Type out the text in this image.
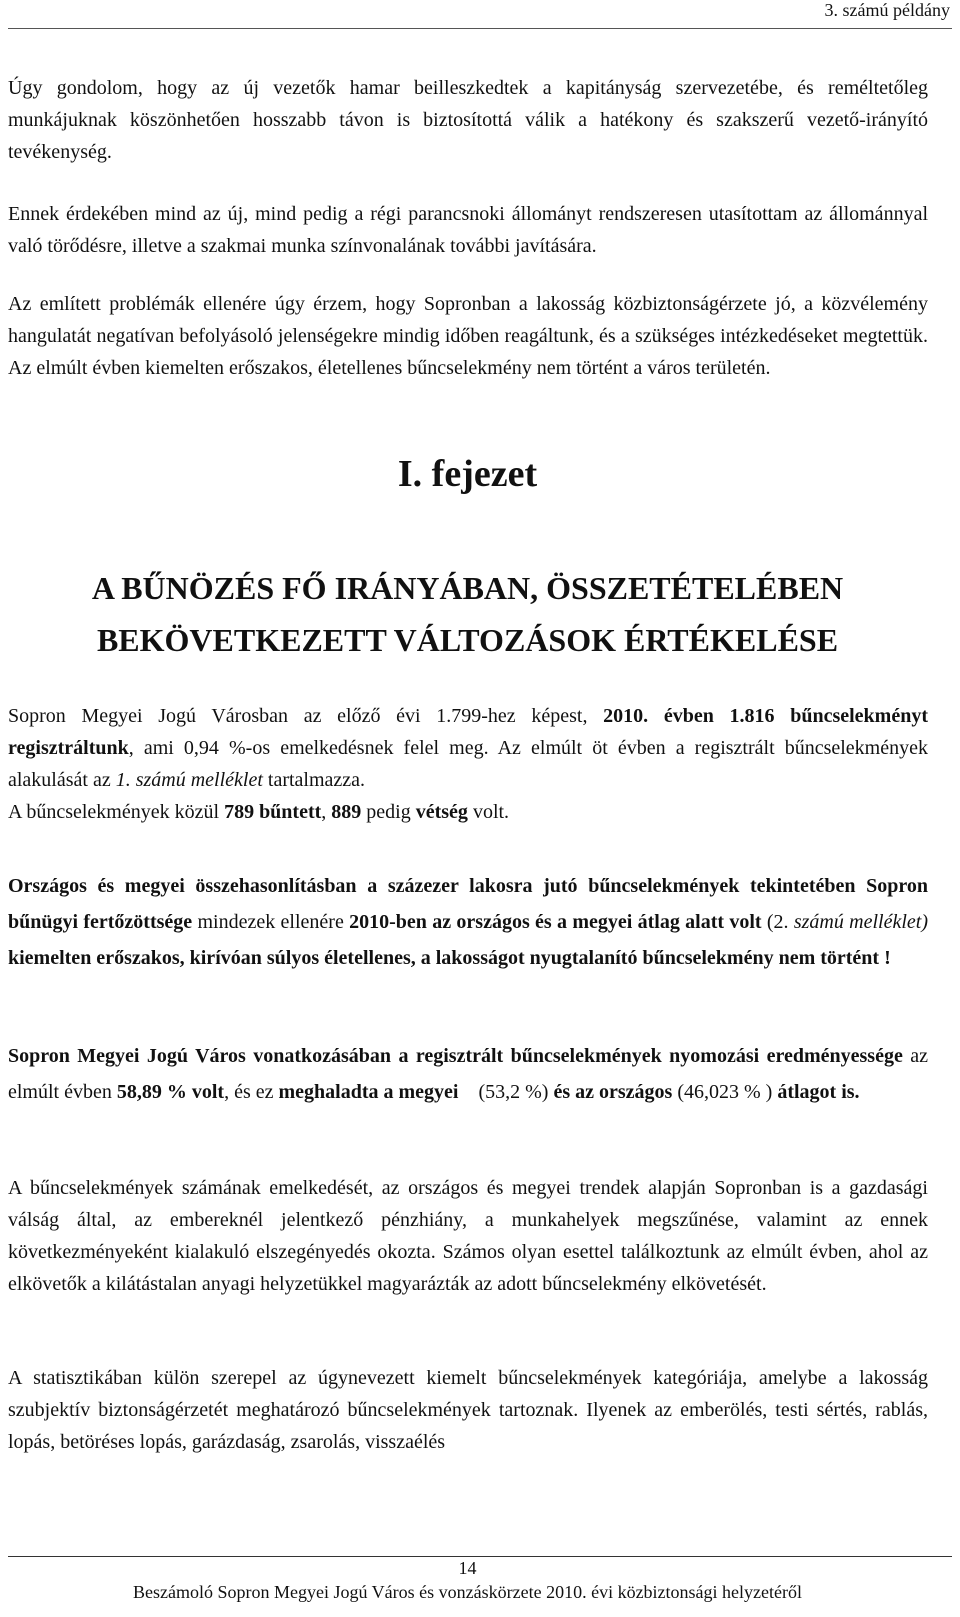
3. számú példány

Úgy gondolom, hogy az új vezetők hamar beilleszkedtek a kapitányság szervezetébe, és reméltetőleg munkájuknak köszönhetően hosszabb távon is biztosítottá válik a hatékony és szakszerű vezető-irányító tevékenység.

Ennek érdekében mind az új, mind pedig a régi parancsnoki állományt rendszeresen utasítottam az állománnyal való törődésre, illetve a szakmai munka színvonalának további javítására.

Az említett problémák ellenére úgy érzem, hogy Sopronban a lakosság közbiztonságérzete jó, a közvélemény hangulatát negatívan befolyásoló jelenségekre mindig időben reagáltunk, és a szükséges intézkedéseket megtettük. Az elmúlt évben kiemelten erőszakos, életellenes bűncselekmény nem történt a város területén.

I. fejezet
A BŰNÖZÉS FŐ IRÁNYÁBAN, ÖSSZETÉTELÉBEN
BEKÖVETKEZETT VÁLTOZÁSOK ÉRTÉKELÉSE

Sopron Megyei Jogú Városban az előző évi 1.799-hez képest, 2010. évben 1.816 bűncselekményt regisztráltunk, ami 0,94 %-os emelkedésnek felel meg. Az elmúlt öt évben a regisztrált bűncselekmények alakulását az 1. számú melléklet tartalmazza.
A bűncselekmények közül 789 bűntett, 889 pedig vétség volt.

Országos és megyei összehasonlításban a százezer lakosra jutó bűncselekmények tekintetében Sopron bűnügyi fertőzöttsége mindezek ellenére 2010-ben az országos és a megyei átlag alatt volt (2. számú melléklet) kiemelten erőszakos, kirívóan súlyos életellenes, a lakosságot nyugtalanító bűncselekmény nem történt !

Sopron Megyei Jogú Város vonatkozásában a regisztrált bűncselekmények nyomozási eredményessége az elmúlt évben 58,89 % volt, és ez meghaladta a megyei    (53,2 %) és az országos (46,023 % ) átlagot is.

A bűncselekmények számának emelkedését, az országos és megyei trendek alapján Sopronban is a gazdasági válság által, az embereknél jelentkező pénzhiány, a munkahelyek megszűnése, valamint az ennek következményeként kialakuló elszegényedés okozta. Számos olyan esettel találkoztunk az elmúlt évben, ahol az elkövetők a kilátástalan anyagi helyzetükkel magyarázták az adott bűncselekmény elkövetését.

A statisztikában külön szerepel az úgynevezett kiemelt bűncselekmények kategóriája, amelybe a lakosság szubjektív biztonságérzetét meghatározó bűncselekmények tartoznak. Ilyenek az emberölés, testi sértés, rablás, lopás, betöréses lopás, garázdaság, zsarolás, visszaélés

14
Beszámoló Sopron Megyei Jogú Város és vonzáskörzete 2010. évi közbiztonsági helyzetéről
